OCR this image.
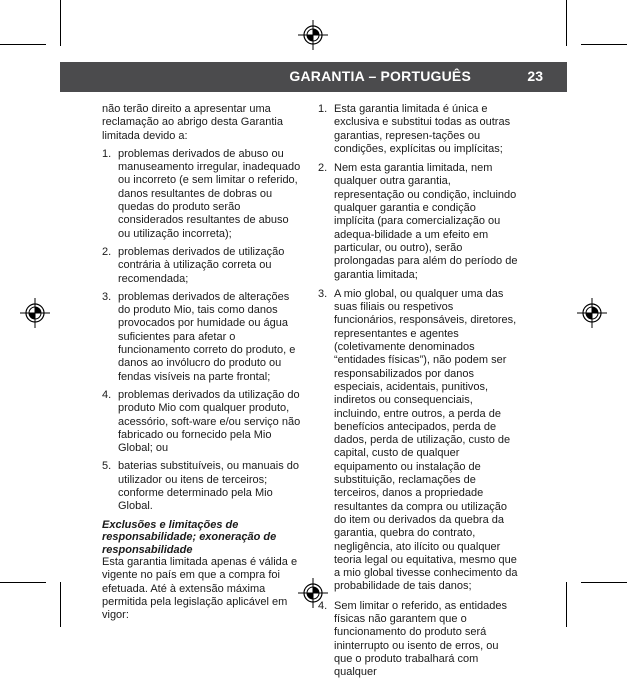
GARANTIA – PORTUGUÊS	23

não terão direito a apresentar uma reclamação ao abrigo desta Garantia limitada devido a:

1. problemas derivados de abuso ou manuseamento irregular, inadequado ou incorreto (e sem limitar o referido, danos resultantes de dobras ou quedas do produto serão considerados resultantes de abuso ou utilização incorreta);
2. problemas derivados de utilização contrária à utilização correta ou recomendada;
3. problemas derivados de alterações do produto Mio, tais como danos provocados por humidade ou água suficientes para afetar o funcionamento correto do produto, e danos ao invólucro do produto ou fendas visíveis na parte frontal;
4. problemas derivados da utilização do produto Mio com qualquer produto, acessório, soft-ware e/ou serviço não fabricado ou fornecido pela Mio Global; ou
5. baterias substituíveis, ou manuais do utilizador ou itens de terceiros; conforme determinado pela Mio Global.

Exclusões e limitações de responsabilidade; exoneração de responsabilidade

Esta garantia limitada apenas é válida e vigente no país em que a compra foi efetuada. Até à extensão máxima permitida pela legislação aplicável em vigor:

1. Esta garantia limitada é única e exclusiva e substitui todas as outras garantias, represen-tações ou condições, explícitas ou implícitas;
2. Nem esta garantia limitada, nem qualquer outra garantia, representação ou condição, incluindo qualquer garantia e condição implícita (para comercialização ou adequa-bilidade a um efeito em particular, ou outro), serão prolongadas para além do período de garantia limitada;
3. A mio global, ou qualquer uma das suas filiais ou respetivos funcionários, responsáveis, diretores, representantes e agentes (coletivamente denominados “entidades físicas”), não podem ser responsabilizados por danos especiais, acidentais, punitivos, indiretos ou consequenciais, incluindo, entre outros, a perda de benefícios antecipados, perda de dados, perda de utilização, custo de capital, custo de qualquer equipamento ou instalação de substituição, reclamações de terceiros, danos a propriedade resultantes da compra ou utilização do item ou derivados da quebra da garantia, quebra do contrato, negligência, ato ilícito ou qualquer teoria legal ou equitativa, mesmo que a mio global tivesse conhecimento da probabilidade de tais danos;
4. Sem limitar o referido, as entidades físicas não garantem que o funcionamento do produto será ininterrupto ou isento de erros, ou que o produto trabalhará com qualquer
